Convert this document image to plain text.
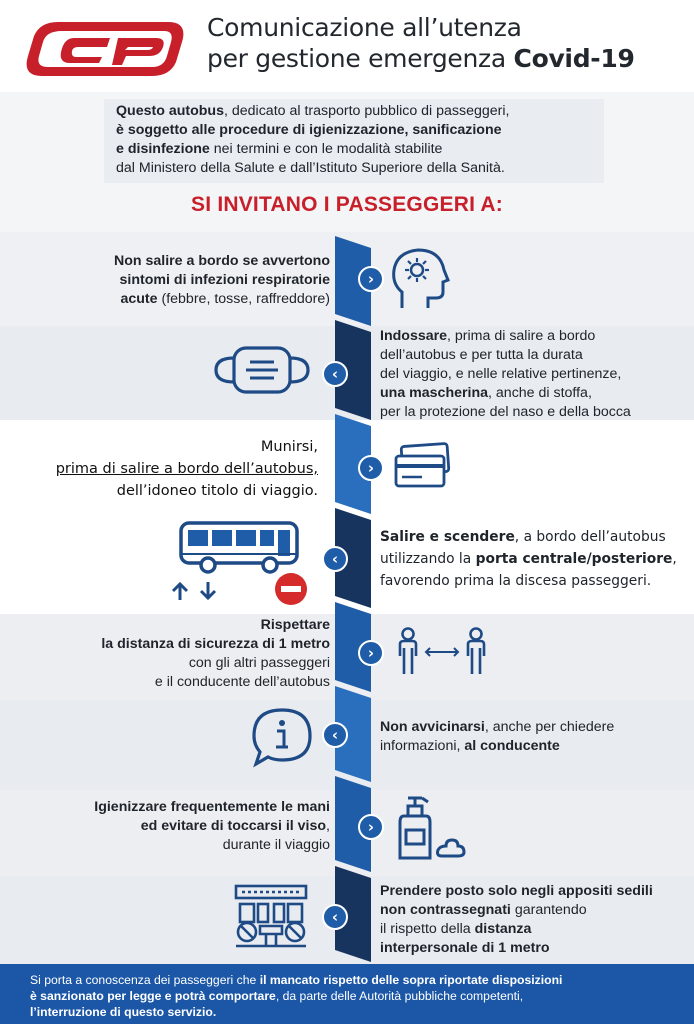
Comunicazione all’utenza
per gestione emergenza Covid-19

Questo autobus, dedicato al trasporto pubblico di passeggeri,
è soggetto alle procedure di igienizzazione, sanificazione
e disinfezione nei termini e con le modalità stabilite
dal Ministero della Salute e dall’Istituto Superiore della Sanità.

SI INVITANO I PASSEGGERI A:
›
‹
›
‹
›
‹
›
‹
Non salire a bordo se avvertono
sintomi di infezioni respiratorie
acute (febbre, tosse, raffreddore)
Indossare, prima di salire a bordo
dell’autobus e per tutta la durata
del viaggio, e nelle relative pertinenze,
una mascherina, anche di stoffa,
per la protezione del naso e della bocca
Munirsi,
prima di salire a bordo dell’autobus,
dell’idoneo titolo di viaggio.
Salire e scendere, a bordo dell’autobus
utilizzando la porta centrale/posteriore,
favorendo prima la discesa passeggeri.
Rispettare
la distanza di sicurezza di 1 metro
con gli altri passeggeri
e il conducente dell’autobus
Non avvicinarsi, anche per chiedere
informazioni, al conducente
Igienizzare frequentemente le mani
ed evitare di toccarsi il viso,
durante il viaggio
Prendere posto solo negli appositi sedili
non contrassegnati garantendo
il rispetto della distanza
interpersonale di 1 metro

Si porta a conoscenza dei passeggeri che il mancato rispetto delle sopra riportate disposizioni
è sanzionato per legge e potrà comportare, da parte delle Autorità pubbliche competenti,
l’interruzione di questo servizio.
